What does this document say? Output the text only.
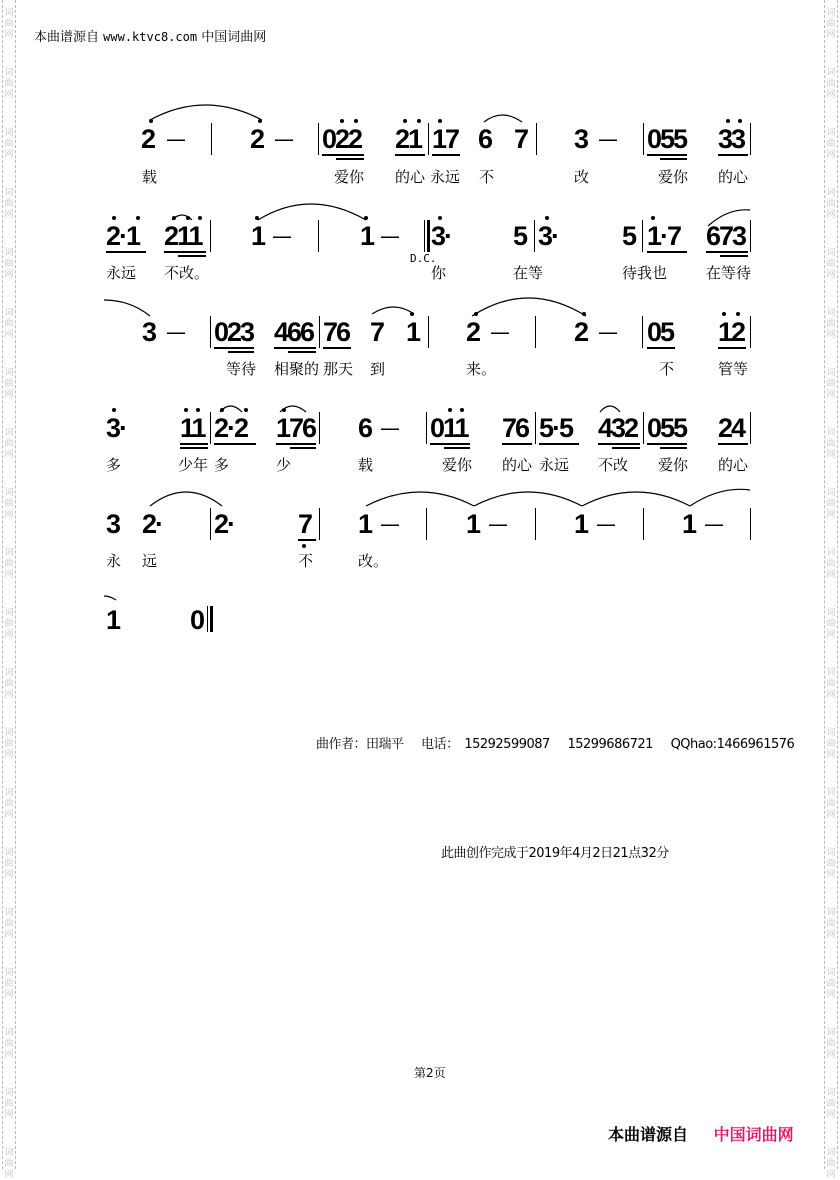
词
曲
网
词
曲
网
词
曲
网
词
曲
网
词
曲
网
词
曲
网
词
曲
网
词
曲
网
词
曲
网
词
曲
网
词
曲
网
词
曲
网
词
曲
网
词
曲
网
词
曲
网
词
曲
网
词
曲
网
词
曲
网
词
曲
网
词
曲
网
词
曲
网
词
曲
网
词
曲
网
词
曲
网
词
曲
网
词
曲
网
词
曲
网
词
曲
网
词
曲
网
词
曲
网
词
曲
网
词
曲
网
词
曲
网
词
曲
网
词
曲
网
词
曲
网
词
曲
网
词
曲
网
词
曲
网
词
曲
网
本曲谱源自 www.ktvc8.com 中国词曲网
2 — 2 — 022 21 17 6 7 3 — 055 33
载	爱你 的心 永远 不	改	爱你 的心
2·1 211 1 —	1 —
D.C.
3· 5 3· 5 1·7 673
永远 不改。	你	在等	待我也	在等待
3 — 023 466 76 7 1 2 — 2 — 05 12
等待 相聚的 那天 到	来。	不	管等
3· 11 2·2 176 6 — 011 76 5·5 432 055 24
多	少年 多	少	载	爱你 的心 永远 不改 爱你 的心
3 2· 2· 7 1 — 1 — 1 — 1 —
永 远	不	改。
1	0
曲作者：田瑞平 电话： 15292599087 15299686721 QQhao:1466961576
此曲创作完成于2019年4月2日21点32分
第2页
本曲谱源自 中国词曲网
